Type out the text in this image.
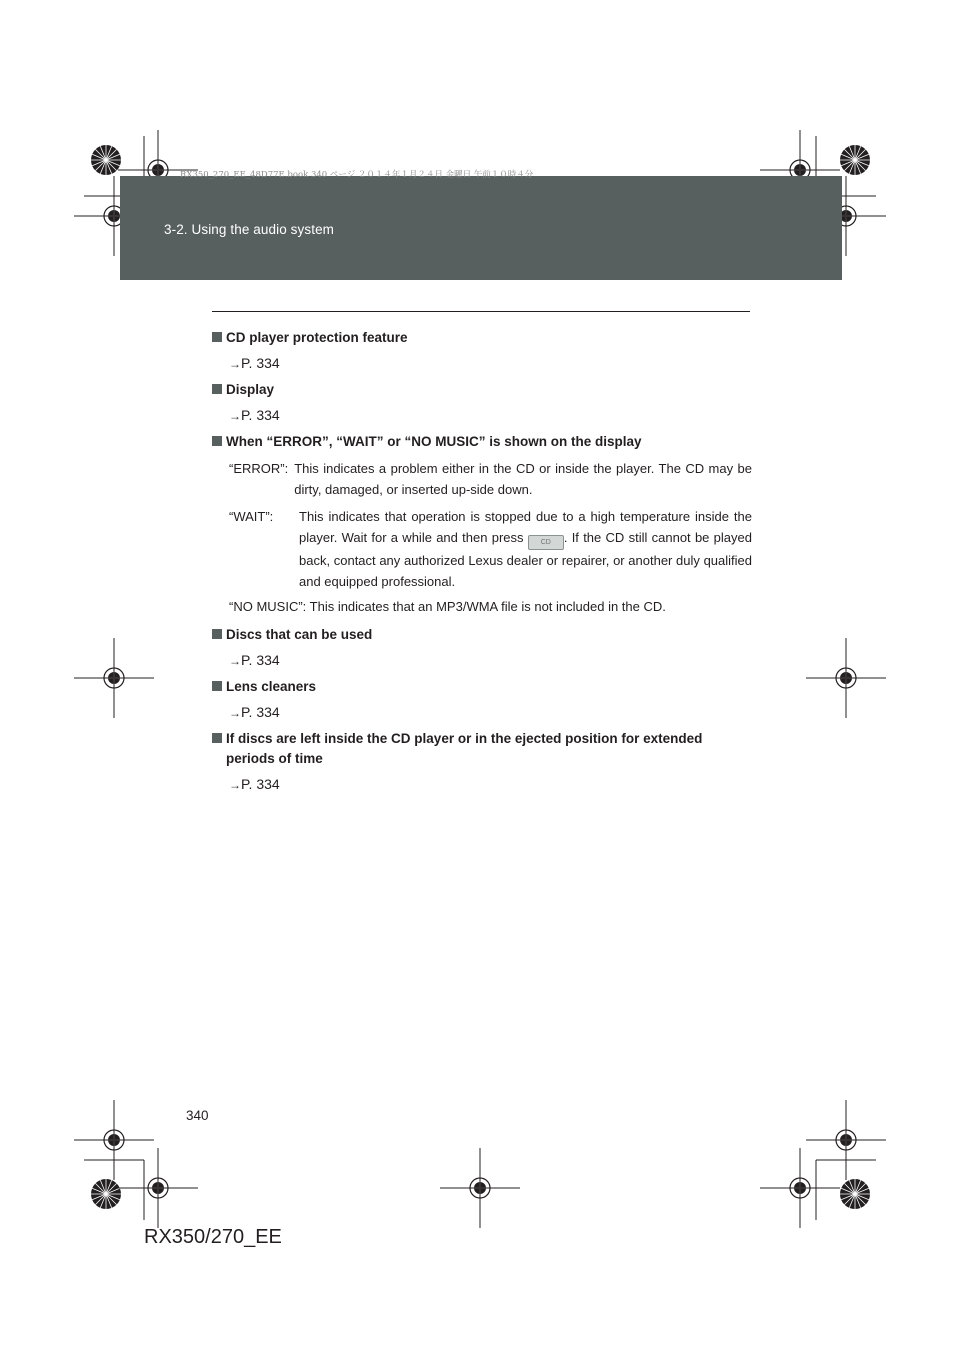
3-2. Using the audio system
RX350_270_EE_48D77E.book 340 ページ ２０１４年１月２４日 金曜日 午前１０時４分
CD player protection feature
→P. 334
Display
→P. 334
When “ERROR”, “WAIT” or “NO MUSIC” is shown on the display
“ERROR”: This indicates a problem either in the CD or inside the player. The CD may be dirty, damaged, or inserted up-side down.
“WAIT”:	This indicates that operation is stopped due to a high temperature inside the player. Wait for a while and then press CD . If the CD still cannot be played back, contact any authorized Lexus dealer or repairer, or another duly qualified and equipped professional.
“NO MUSIC”: This indicates that an MP3/WMA file is not included in the CD.
Discs that can be used
→P. 334
Lens cleaners
→P. 334
If discs are left inside the CD player or in the ejected position for extended periods of time
→P. 334
340
RX350/270_EE
